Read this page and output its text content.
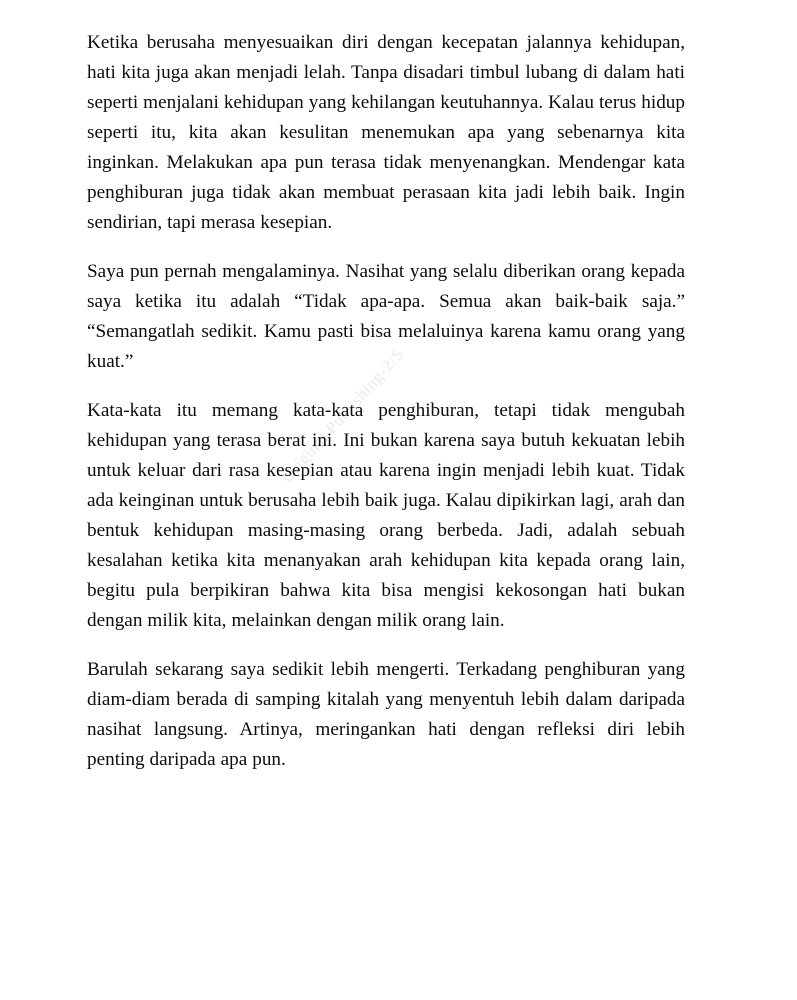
Original Publishing-2/S

Ketika berusaha menyesuaikan diri dengan kecepatan jalannya kehidupan, hati kita juga akan menjadi lelah. Tanpa disadari timbul lubang di dalam hati seperti menjalani kehidupan yang kehilangan keutuhannya. Kalau terus hidup seperti itu, kita akan kesulitan menemukan apa yang sebenarnya kita inginkan. Melakukan apa pun terasa tidak menyenangkan. Mendengar kata penghiburan juga tidak akan membuat perasaan kita jadi lebih baik. Ingin sendirian, tapi merasa kesepian.

Saya pun pernah mengalaminya. Nasihat yang selalu diberikan orang kepada saya ketika itu adalah “Tidak apa-apa. Semua akan baik-baik saja.” “Semangatlah sedikit. Kamu pasti bisa melaluinya karena kamu orang yang kuat.”

Kata-kata itu memang kata-kata penghiburan, tetapi tidak mengubah kehidupan yang terasa berat ini. Ini bukan karena saya butuh kekuatan lebih untuk keluar dari rasa kesepian atau karena ingin menjadi lebih kuat. Tidak ada keinginan untuk berusaha lebih baik juga. Kalau dipikirkan lagi, arah dan bentuk kehidupan masing-masing orang berbeda. Jadi, adalah sebuah kesalahan ketika kita menanyakan arah kehidupan kita kepada orang lain, begitu pula berpikiran bahwa kita bisa mengisi kekosongan hati bukan dengan milik kita, melainkan dengan milik orang lain.

Barulah sekarang saya sedikit lebih mengerti. Terkadang penghiburan yang diam-diam berada di samping kitalah yang menyentuh lebih dalam daripada nasihat langsung. Artinya, meringankan hati dengan refleksi diri lebih penting daripada apa pun.
